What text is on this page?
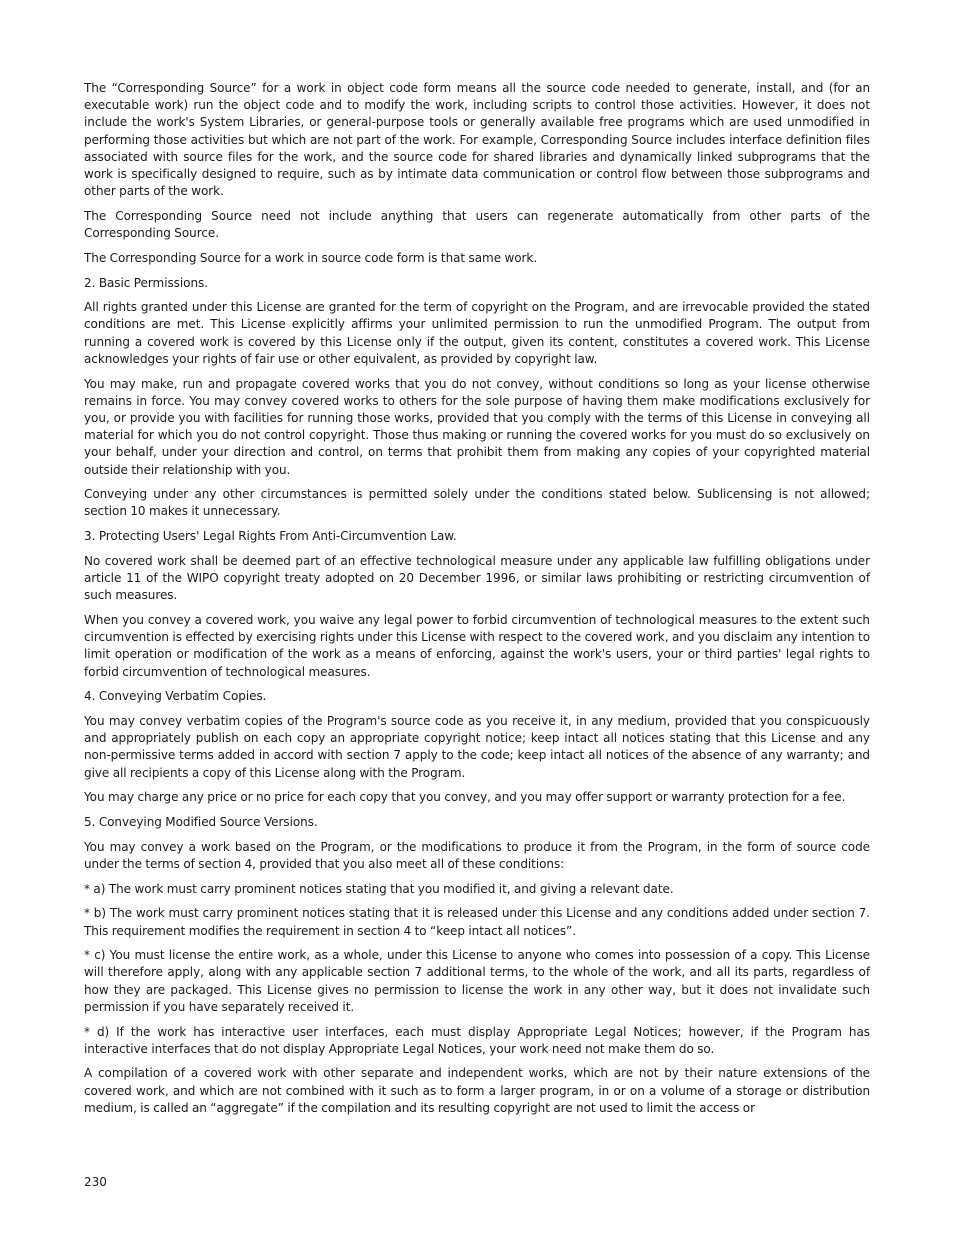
The “Corresponding Source” for a work in object code form means all the source code needed to generate, install, and (for an executable work) run the object code and to modify the work, including scripts to control those activities. However, it does not include the work's System Libraries, or general-purpose tools or generally available free programs which are used unmodified in performing those activities but which are not part of the work. For example, Corresponding Source includes interface definition files associated with source files for the work, and the source code for shared libraries and dynamically linked subprograms that the work is specifically designed to require, such as by intimate data communication or control flow between those subprograms and other parts of the work.

The Corresponding Source need not include anything that users can regenerate automatically from other parts of the Corresponding Source.

The Corresponding Source for a work in source code form is that same work.

2. Basic Permissions.

All rights granted under this License are granted for the term of copyright on the Program, and are irrevocable provided the stated conditions are met. This License explicitly affirms your unlimited permission to run the unmodified Program. The output from running a covered work is covered by this License only if the output, given its content, constitutes a covered work. This License acknowledges your rights of fair use or other equivalent, as provided by copyright law.

You may make, run and propagate covered works that you do not convey, without conditions so long as your license otherwise remains in force. You may convey covered works to others for the sole purpose of having them make modifications exclusively for you, or provide you with facilities for running those works, provided that you comply with the terms of this License in conveying all material for which you do not control copyright. Those thus making or running the covered works for you must do so exclusively on your behalf, under your direction and control, on terms that prohibit them from making any copies of your copyrighted material outside their relationship with you.

Conveying under any other circumstances is permitted solely under the conditions stated below. Sublicensing is not allowed; section 10 makes it unnecessary.

3. Protecting Users' Legal Rights From Anti-Circumvention Law.

No covered work shall be deemed part of an effective technological measure under any applicable law fulfilling obligations under article 11 of the WIPO copyright treaty adopted on 20 December 1996, or similar laws prohibiting or restricting circumvention of such measures.

When you convey a covered work, you waive any legal power to forbid circumvention of technological measures to the extent such circumvention is effected by exercising rights under this License with respect to the covered work, and you disclaim any intention to limit operation or modification of the work as a means of enforcing, against the work's users, your or third parties' legal rights to forbid circumvention of technological measures.

4. Conveying Verbatim Copies.

You may convey verbatim copies of the Program's source code as you receive it, in any medium, provided that you conspicuously and appropriately publish on each copy an appropriate copyright notice; keep intact all notices stating that this License and any non-permissive terms added in accord with section 7 apply to the code; keep intact all notices of the absence of any warranty; and give all recipients a copy of this License along with the Program.

You may charge any price or no price for each copy that you convey, and you may offer support or warranty protection for a fee.

5. Conveying Modified Source Versions.

You may convey a work based on the Program, or the modifications to produce it from the Program, in the form of source code under the terms of section 4, provided that you also meet all of these conditions:

* a) The work must carry prominent notices stating that you modified it, and giving a relevant date.

* b) The work must carry prominent notices stating that it is released under this License and any conditions added under section 7. This requirement modifies the requirement in section 4 to “keep intact all notices”.

* c) You must license the entire work, as a whole, under this License to anyone who comes into possession of a copy. This License will therefore apply, along with any applicable section 7 additional terms, to the whole of the work, and all its parts, regardless of how they are packaged. This License gives no permission to license the work in any other way, but it does not invalidate such permission if you have separately received it.

* d) If the work has interactive user interfaces, each must display Appropriate Legal Notices; however, if the Program has interactive interfaces that do not display Appropriate Legal Notices, your work need not make them do so.

A compilation of a covered work with other separate and independent works, which are not by their nature extensions of the covered work, and which are not combined with it such as to form a larger program, in or on a volume of a storage or distribution medium, is called an “aggregate” if the compilation and its resulting copyright are not used to limit the access or

230
